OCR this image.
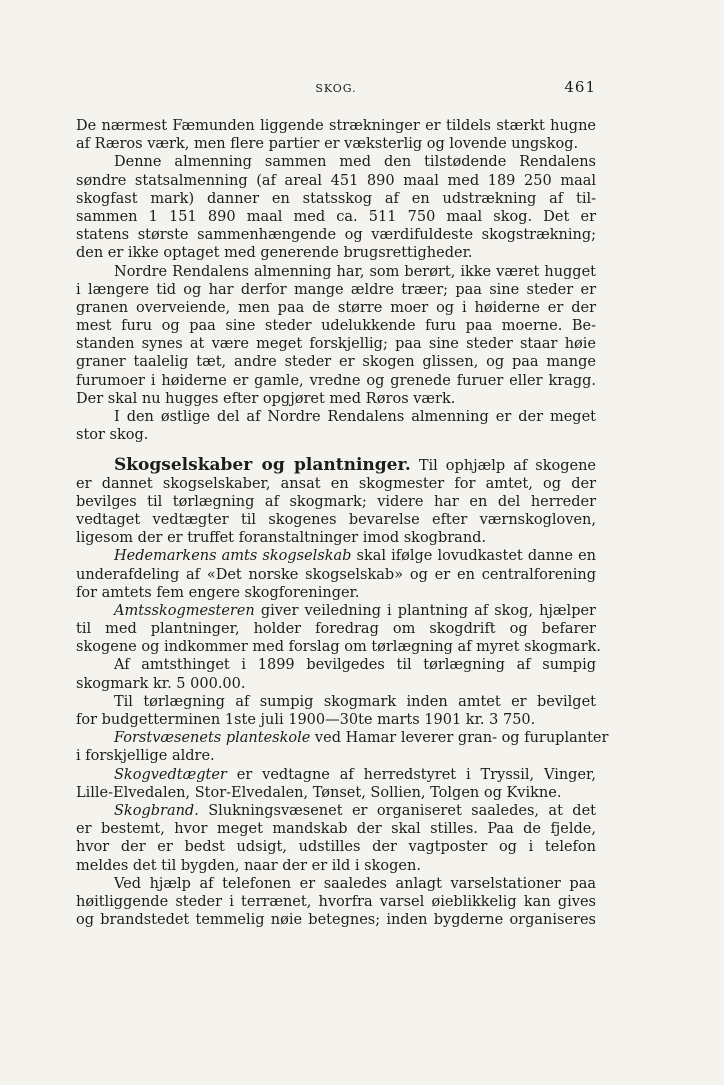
SKOG.	461
De nærmest Fæmunden liggende strækninger er tildels stærkt hugne
af Ræros værk, men flere partier er væksterlig og lovende ungskog.
Denne almenning sammen med den tilstødende Rendalens
søndre statsalmenning (af areal 451 890 maal med 189 250 maal
skogfast mark) danner en statsskog af en udstrækning af til-
sammen 1 151 890 maal med ca. 511 750 maal skog. Det er
statens største sammenhængende og værdifuldeste skogstrækning;
den er ikke optaget med generende brugsrettigheder.
Nordre Rendalens almenning har, som berørt, ikke været hugget
i længere tid og har derfor mange ældre træer; paa sine steder er
granen overveiende, men paa de større moer og i høiderne er der
mest furu og paa sine steder udelukkende furu paa moerne. Be-
standen synes at være meget forskjellig; paa sine steder staar høie
graner taalelig tæt, andre steder er skogen glissen, og paa mange
furumoer i høiderne er gamle, vredne og grenede furuer eller kragg.
Der skal nu hugges efter opgjøret med Røros værk.
I den østlige del af Nordre Rendalens almenning er der meget
stor skog.
Skogselskaber og plantninger. Til ophjælp af skogene
er dannet skogselskaber, ansat en skogmester for amtet, og der
bevilges til tørlægning af skogmark; videre har en del herreder
vedtaget vedtægter til skogenes bevarelse efter værnskogloven,
ligesom der er truffet foranstaltninger imod skogbrand.
Hedemarkens amts skogselskab skal ifølge lovudkastet danne en
underafdeling af «Det norske skogselskab» og er en centralforening
for amtets fem engere skogforeninger.
Amtsskogmesteren giver veiledning i plantning af skog, hjælper
til med plantninger, holder foredrag om skogdrift og befarer
skogene og indkommer med forslag om tørlægning af myret skogmark.
Af amtsthinget i 1899 bevilgedes til tørlægning af sumpig
skogmark kr. 5 000.00.
Til tørlægning af sumpig skogmark inden amtet er bevilget
for budgetterminen 1ste juli 1900—30te marts 1901 kr. 3 750.
Forstvæsenets planteskole ved Hamar leverer gran- og furuplanter
i forskjellige aldre.
Skogvedtægter er vedtagne af herredstyret i Tryssil, Vinger,
Lille-Elvedalen, Stor-Elvedalen, Tønset, Sollien, Tolgen og Kvikne.
Skogbrand. Slukningsvæsenet er organiseret saaledes, at det
er bestemt, hvor meget mandskab der skal stilles. Paa de fjelde,
hvor der er bedst udsigt, udstilles der vagtposter og i telefon
meldes det til bygden, naar der er ild i skogen.
Ved hjælp af telefonen er saaledes anlagt varselstationer paa
høitliggende steder i terrænet, hvorfra varsel øieblikkelig kan gives
og brandstedet temmelig nøie betegnes; inden bygderne organiseres
